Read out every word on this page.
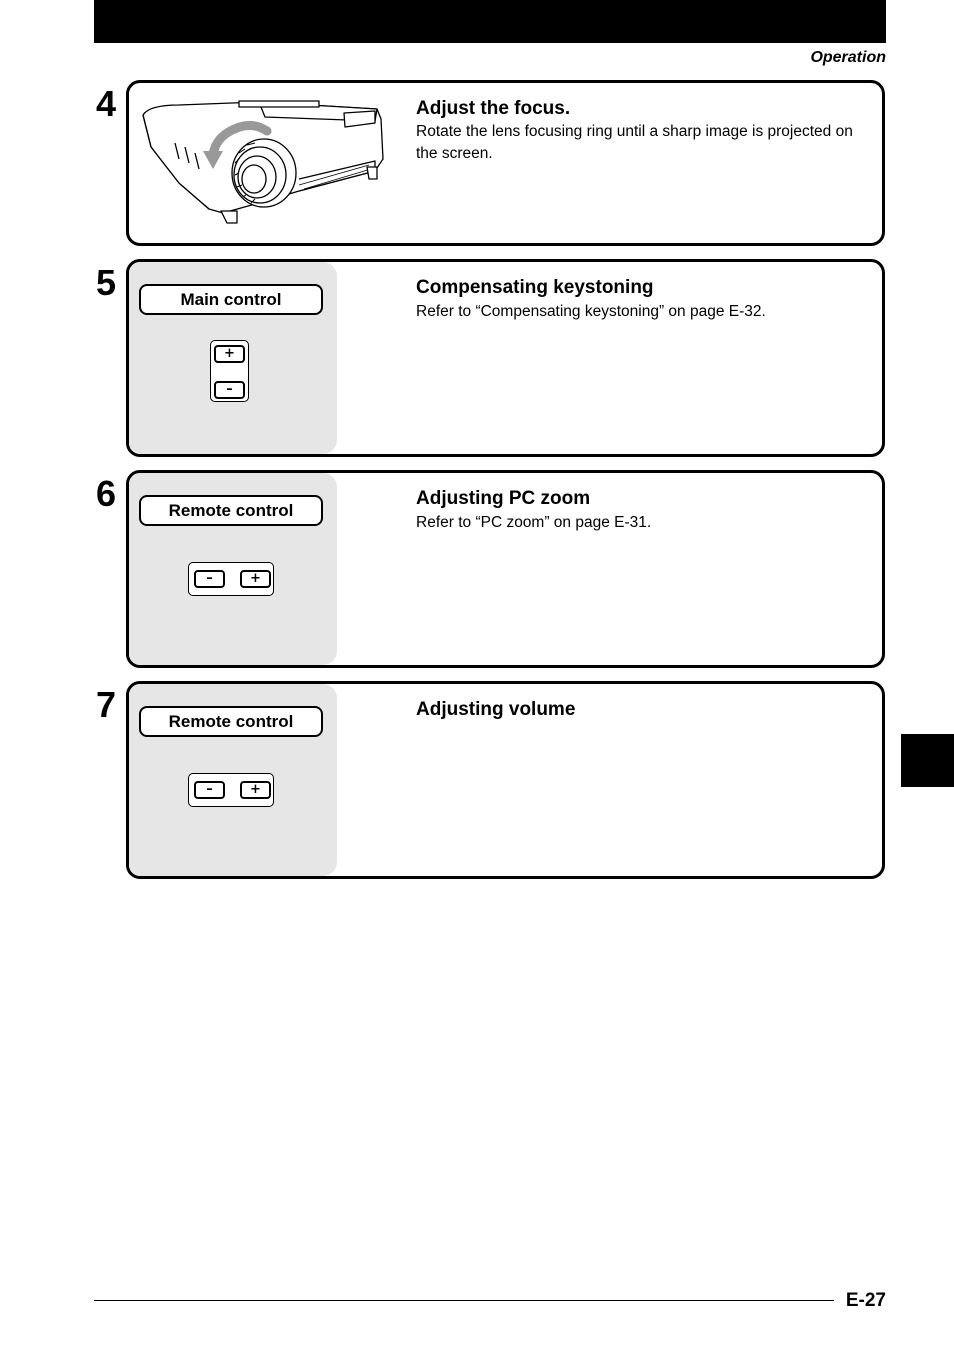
Operation
4	Adjust the focus.
Rotate the lens focusing ring until a sharp image is projected on the screen.
5	Main control
+
–
Compensating keystoning
Refer to “Compensating keystoning” on page E-32.
6	Remote control
–	+
Adjusting PC zoom
Refer to “PC zoom” on page E-31.
7	Remote control
–	+
Adjusting volume
E-27
